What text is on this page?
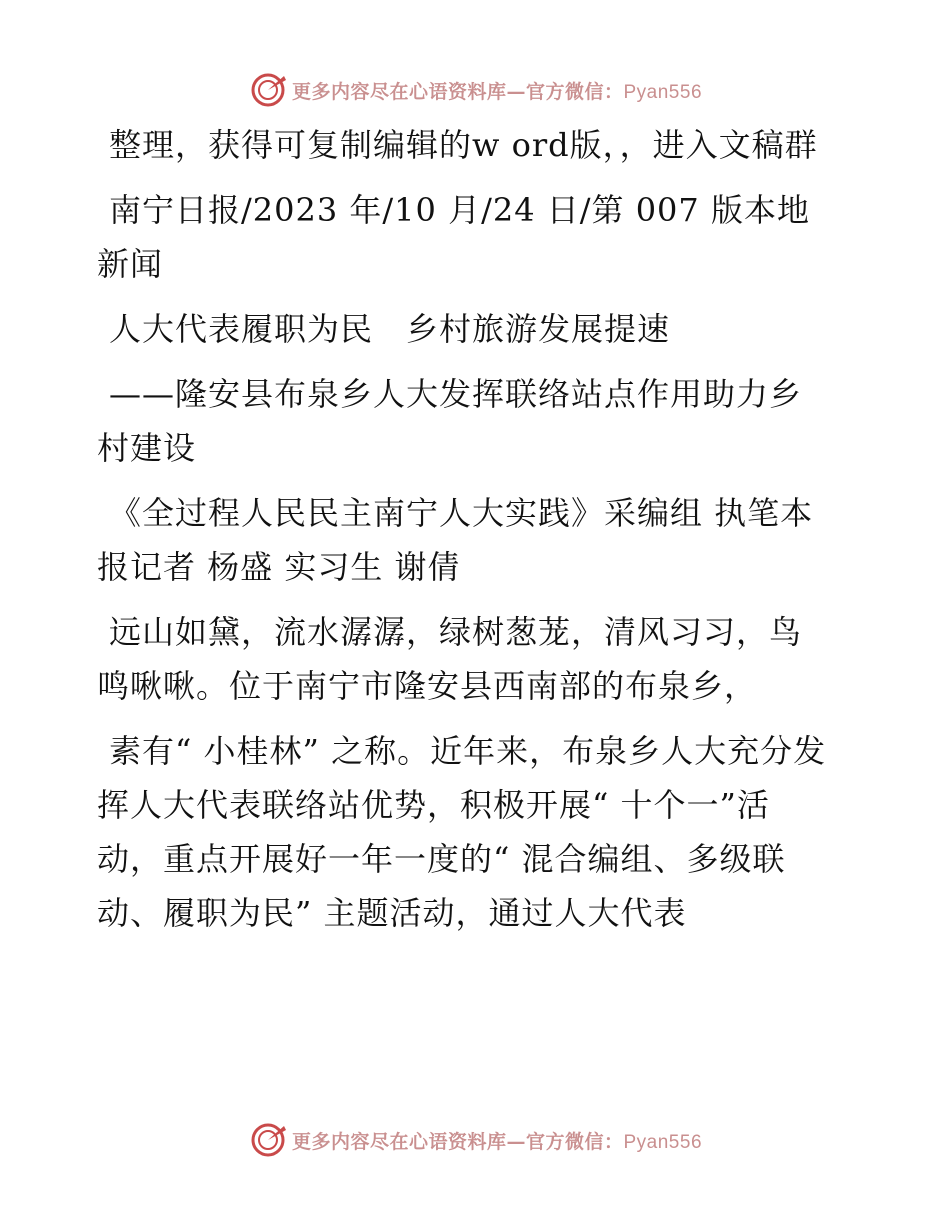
更多内容尽在心语资料库—官方微信：Pyan556

整理，获得可复制编辑的w ord版，，进入文稿群

南宁日报/2023 年/10 月/24 日/第 007 版本地新闻

人大代表履职为民　乡村旅游发展提速

——隆安县布泉乡人大发挥联络站点作用助力乡村建设

《全过程人民民主南宁人大实践》采编组 执笔本报记者 杨盛 实习生 谢倩

远山如黛，流水潺潺，绿树葱茏，清风习习，鸟鸣啾啾。位于南宁市隆安县西南部的布泉乡，

素有“ 小桂林” 之称。近年来，布泉乡人大充分发挥人大代表联络站优势，积极开展“ 十个一”活动，重点开展好一年一度的“ 混合编组、多级联动、履职为民” 主题活动，通过人大代表

更多内容尽在心语资料库—官方微信：Pyan556
